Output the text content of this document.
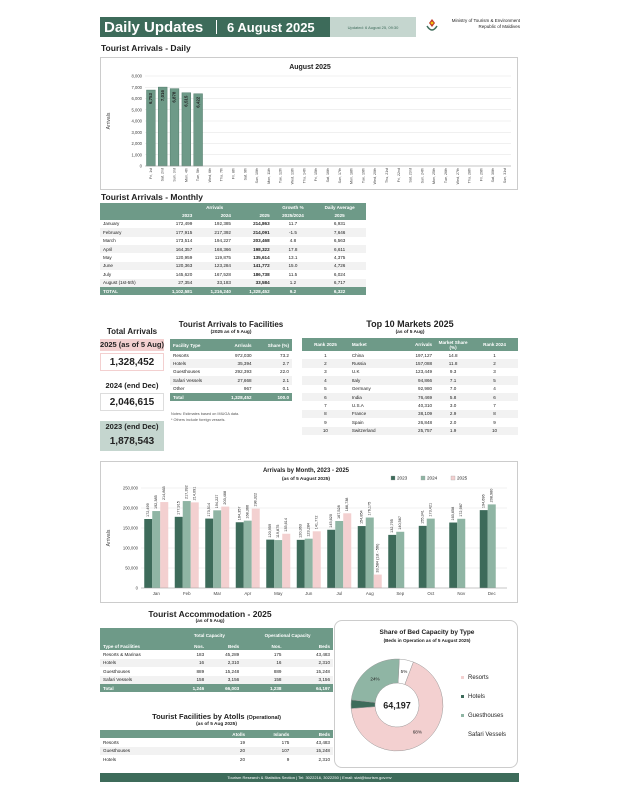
Daily Updates	6 August 2025	Updated: 6 August 25, 09:30
Ministry of Tourism & Environment
Republic of Maldives
Tourist Arrivals - Daily
August 2025
Arrivals
0
1,000
2,000
3,000
4,000
5,000
6,000
7,000
8,000
6,753 7,016 6,878 6,515 6,422
Fri, 1st Sat, 2nd Sun, 3rd Mon, 4th Tue, 5th Wed, 6th Thu, 7th Fri, 8th Sat, 9th Sun, 10th Mon, 11th Tue, 12th Wed, 13th Thu, 14th Fri, 15th Sat, 16th Sun, 17th Mon, 18th Tue, 19th Wed, 20th Thu, 21st Fri, 22nd Sat, 23rd Sun, 24th Mon, 25th Tue, 26th Wed, 27th Thu, 28th Fri, 29th Sat, 30th Sun, 31st
Tourist Arrivals - Monthly
	Arrivals			Growth %	Daily Average
	2023	2024	2025	2025/2024	2025
January	172,499	192,385	214,863	11.7	6,931
February	177,915	217,392	214,091	-1.5	7,646
March	173,514	194,227	203,468	4.8	6,563
April	164,357	168,366	198,322	17.8	6,611
May	120,959	119,875	135,614	13.1	4,375
June	120,363	123,284	141,772	15.0	4,726
July	145,620	167,528	186,738	11.5	6,024
August (1st-5th)	27,354	33,183	33,584	1.2	6,717
TOTAL	1,102,581	1,216,240	1,328,452	9.2	6,322
Total Arrivals
2025 (as of 5 Aug)
1,328,452
2024 (end Dec)
2,046,615
2023 (end Dec)
1,878,543
Tourist Arrivals to Facilities
(2025 as of 5 Aug)
Facility Type	Arrivals	Share (%)
Resorts	972,030	73.2
Hotels	35,394	2.7
Guesthouses	292,393	22.0
Safari Vessels	27,668	2.1
Other	967	0.1
Total	1,328,452	100.0
Notes: Estimates based on IMUGA data.
* Others include foreign vessels.
Top 10 Markets 2025
(as of 5 Aug)
Rank 2025	Market	Arrivals	Market Share (%)	Rank 2024
1	China	197,127	14.8	1
2	Russia	157,088	11.8	2
3	U.K	123,449	9.3	3
4	Italy	94,866	7.1	5
5	Germany	92,980	7.0	4
6	India	76,469	5.8	6
7	U.S.A	40,310	3.0	7
8	France	38,109	2.9	8
9	Spain	26,848	2.0	9
10	Switzerland	25,757	1.9	10
Arrivals by Month, 2023 - 2025
(as of 5 August 2025)
Arrivals
0
50,000
100,000
150,000
200,000
250,000
2023	2024	2025
172,499
192,385
214,863
Jan
177,915
217,392 214,091
Feb
173,514
194,227 203,468
Mar
164,357 168,366
198,322
Apr
120,959 119,875 135,614
May
120,363 123,284
141,772
Jun
145,620
167,528
186,738
Jul
154,854
176,175
33,584 (1st - 5th)
Aug
132,795 140,567
Sep
155,341
173,421
Oct
163,658 172,987
Nov
194,696 208,980
Dec
Tourist Accommodation - 2025
(as of 5 Aug)
	Total Capacity		Operational Capacity	
Type of Facilities	Nos.	Beds	Nos.	Beds
Resorts & Marinas	183	45,289	175	43,483
Hotels	16	2,310	16	2,310
Guesthouses	889	15,248	889	15,248
Safari Vessels	158	3,156	158	3,156
Total	1,246	66,003	1,238	64,197
Tourist Facilities by Atolls (Operational)
(as of 5 Aug 2025)
	Atolls	Islands	Beds
Resorts	19	175	43,483
Guesthouses	20	107	15,248
Hotels	20	9	2,310
Share of Bed Capacity by Type
(Beds in Operation as of 5 August 2025)
5%
68%
24%
64,197
Resorts
Hotels
Guesthouses
Safari Vessels
Tourism Research & Statistics Section | Tel: 3022216, 3022250 | Email: stat@tourism.gov.mv
